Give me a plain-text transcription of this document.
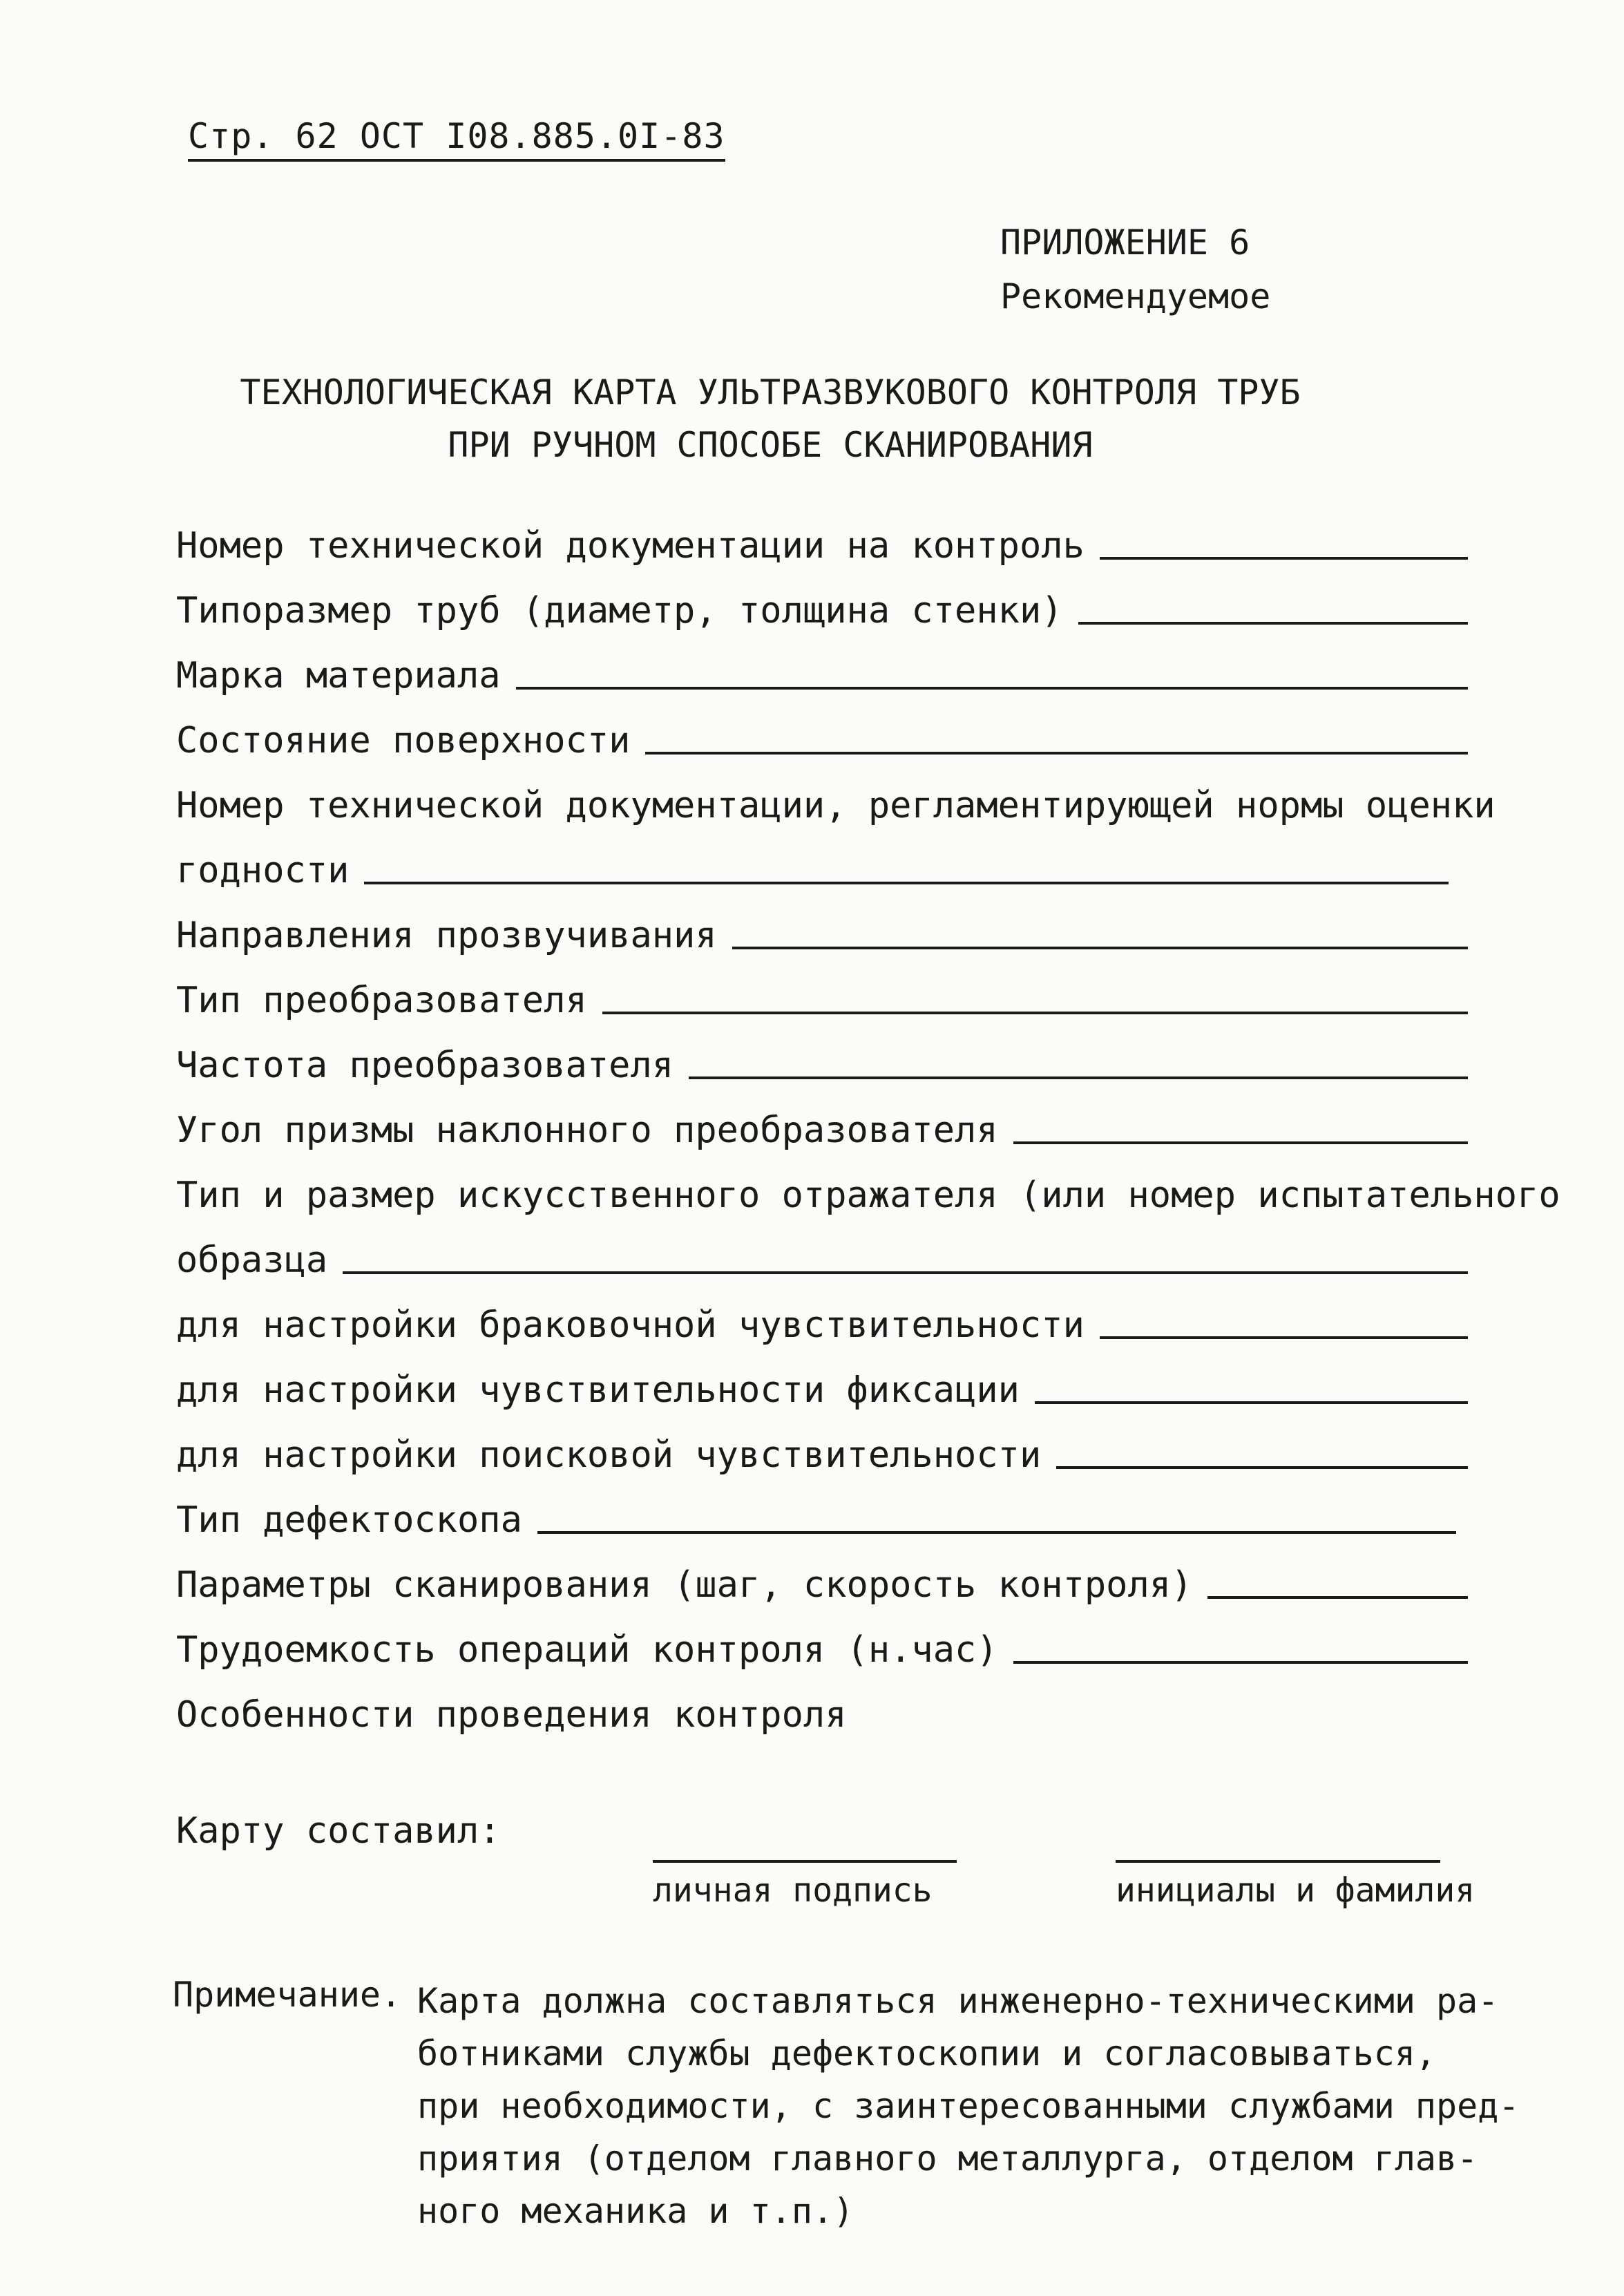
Стр. 62 ОСТ I08.885.0I-83
ПРИЛОЖЕНИЕ 6
Рекомендуемое
ТЕХНОЛОГИЧЕСКАЯ КАРТА УЛЬТРАЗВУКОВОГО КОНТРОЛЯ ТРУБ
ПРИ РУЧНОМ СПОСОБЕ СКАНИРОВАНИЯ
Номер технической документации на контроль
Типоразмер труб (диаметр, толщина стенки)
Марка материала
Состояние поверхности
Номер технической документации, регламентирующей нормы оценки
годности
Направления прозвучивания
Тип преобразователя
Частота преобразователя
Угол призмы наклонного преобразователя
Тип и размер искусственного отражателя (или номер испытательного
образца
для настройки браковочной чувствительности
для настройки чувствительности фиксации
для настройки поисковой чувствительности
Тип дефектоскопа
Параметры сканирования (шаг, скорость контроля)
Трудоемкость операций контроля (н.час)
Особенности проведения контроля
Карту составил:
личная подпись	инициалы и фамилия
Примечание. Карта должна составляться инженерно-техническими ра-
ботниками службы дефектоскопии и согласовываться,
при необходимости, с заинтересованными службами пред-
приятия (отделом главного металлурга, отделом глав-
ного механика и т.п.)
